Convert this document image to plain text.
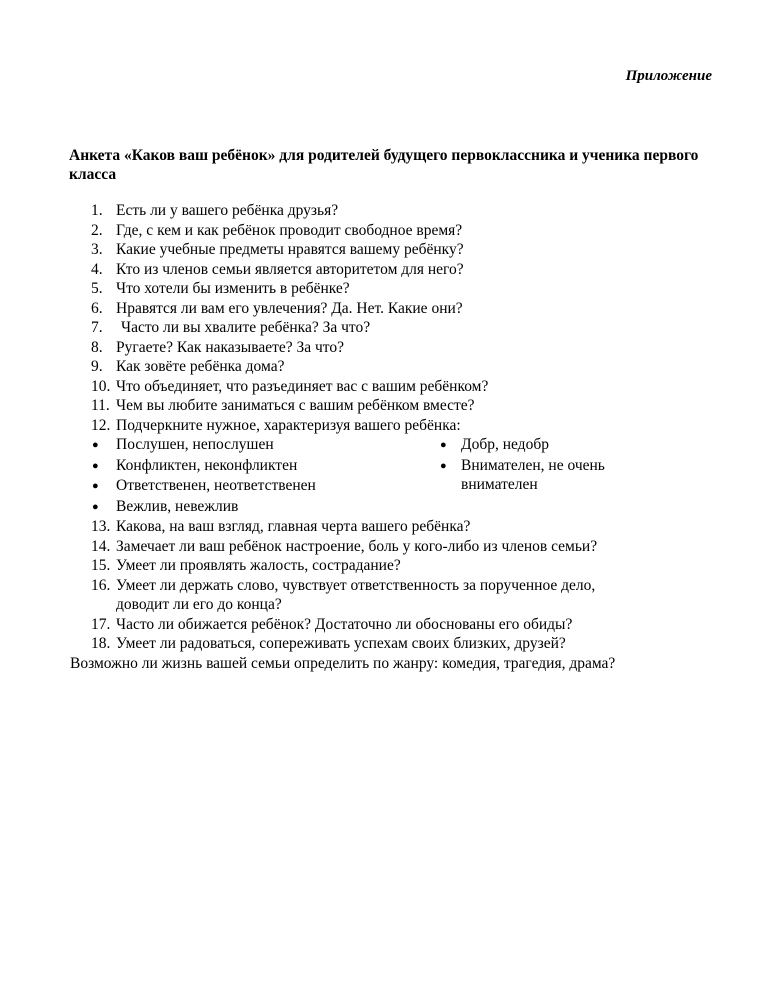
Приложение
Анкета «Каков ваш ребёнок» для родителей будущего первоклассника и ученика первого класса
1. Есть ли у вашего ребёнка друзья?
2. Где, с кем и как ребёнок проводит свободное время?
3. Какие учебные предметы нравятся вашему ребёнку?
4. Кто из членов семьи является авторитетом для него?
5. Что хотели бы изменить в ребёнке?
6. Нравятся ли вам его увлечения? Да. Нет. Какие они?
7. Часто ли вы хвалите ребёнка? За что?
8. Ругаете? Как наказываете? За что?
9. Как зовёте ребёнка дома?
10. Что объединяет, что разъединяет вас с вашим ребёнком?
11. Чем вы любите заниматься с вашим ребёнком вместе?
12. Подчеркните нужное, характеризуя вашего ребёнка:
● Послушен, непослушен	● Добр, недобр
● Конфликтен, неконфликтен	● Внимателен, не очень
● Ответственен, неответственен	внимателен
● Вежлив, невежлив
13. Какова, на ваш взгляд, главная черта вашего ребёнка?
14. Замечает ли ваш ребёнок настроение, боль у кого-либо из членов семьи?
15. Умеет ли проявлять жалость, сострадание?
16. Умеет ли держать слово, чувствует ответственность за порученное дело,
доводит ли его до конца?
17. Часто ли обижается ребёнок? Достаточно ли обоснованы его обиды?
18. Умеет ли радоваться, сопереживать успехам своих близких, друзей?
Возможно ли жизнь вашей семьи определить по жанру: комедия, трагедия, драма?
